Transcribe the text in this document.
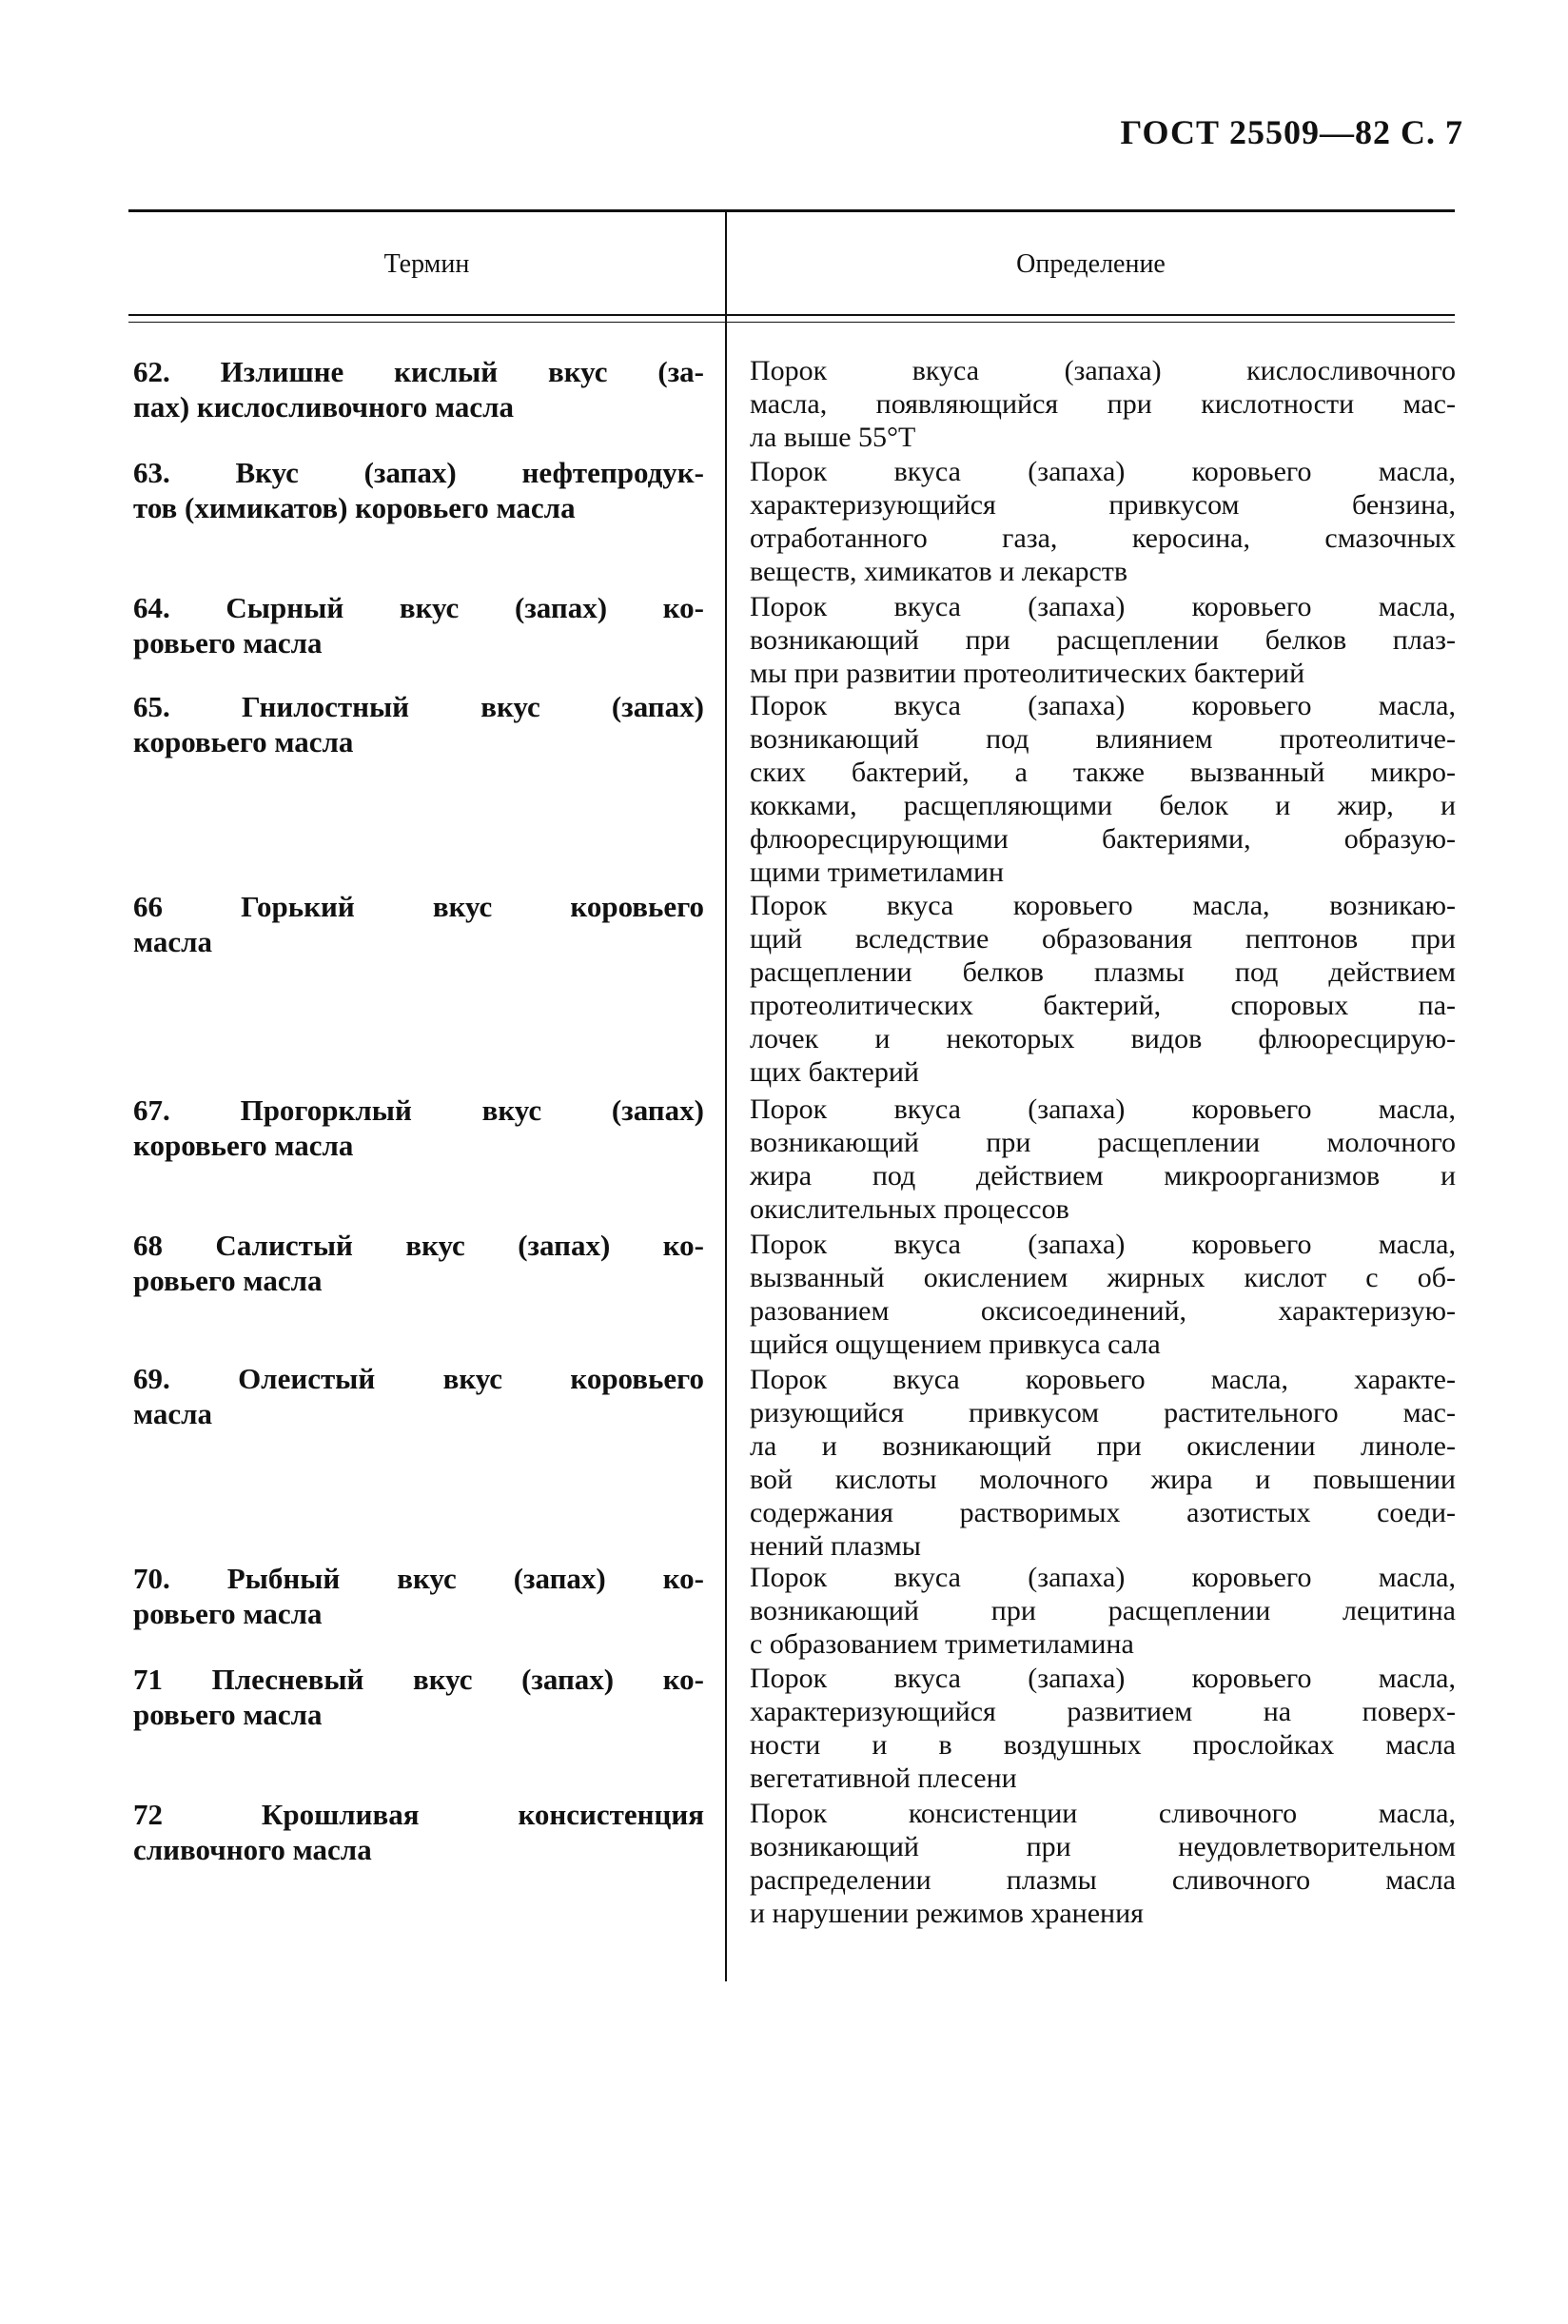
ГОСТ 25509—82 С. 7
Термин	Определение
62. Излишне кислый вкус (за-
пах) кислосливочного масла
Порок вкуса (запаха) кислосливочного
масла, появляющийся при кислотности мас-
ла выше 55°Т
63. Вкус (запах) нефтепродук-
тов (химикатов) коровьего масла
Порок вкуса (запаха) коровьего масла,
характеризующийся привкусом бензина,
отработанного газа, керосина, смазочных
веществ, химикатов и лекарств
64. Сырный вкус (запах) ко-
ровьего масла
Порок вкуса (запаха) коровьего масла,
возникающий при расщеплении белков плаз-
мы при развитии протеолитических бактерий
65. Гнилостный вкус (запах)
коровьего масла
Порок вкуса (запаха) коровьего масла,
возникающий под влиянием протеолитиче-
ских бактерий, а также вызванный микро-
кокками, расщепляющими белок и жир, и
флюоресцирующими бактериями, образую-
щими триметиламин
66 Горький вкус коровьего
масла
Порок вкуса коровьего масла, возникаю-
щий вследствие образования пептонов при
расщеплении белков плазмы под действием
протеолитических бактерий, споровых па-
лочек и некоторых видов флюоресцирую-
щих бактерий
67. Прогорклый вкус (запах)
коровьего масла
Порок вкуса (запаха) коровьего масла,
возникающий при расщеплении молочного
жира под действием микроорганизмов и
окислительных процессов
68 Салистый вкус (запах) ко-
ровьего масла
Порок вкуса (запаха) коровьего масла,
вызванный окислением жирных кислот с об-
разованием оксисоединений, характеризую-
щийся ощущением привкуса сала
69. Олеистый вкус коровьего
масла
Порок вкуса коровьего масла, характе-
ризующийся привкусом растительного мас-
ла и возникающий при окислении линоле-
вой кислоты молочного жира и повышении
содержания растворимых азотистых соеди-
нений плазмы
70. Рыбный вкус (запах) ко-
ровьего масла
Порок вкуса (запаха) коровьего масла,
возникающий при расщеплении лецитина
с образованием триметиламина
71 Плесневый вкус (запах) ко-
ровьего масла
Порок вкуса (запаха) коровьего масла,
характеризующийся развитием на поверх-
ности и в воздушных прослойках масла
вегетативной плесени
72 Крошливая консистенция
сливочного масла
Порок консистенции сливочного масла,
возникающий при неудовлетворительном
распределении плазмы сливочного масла
и нарушении режимов хранения
